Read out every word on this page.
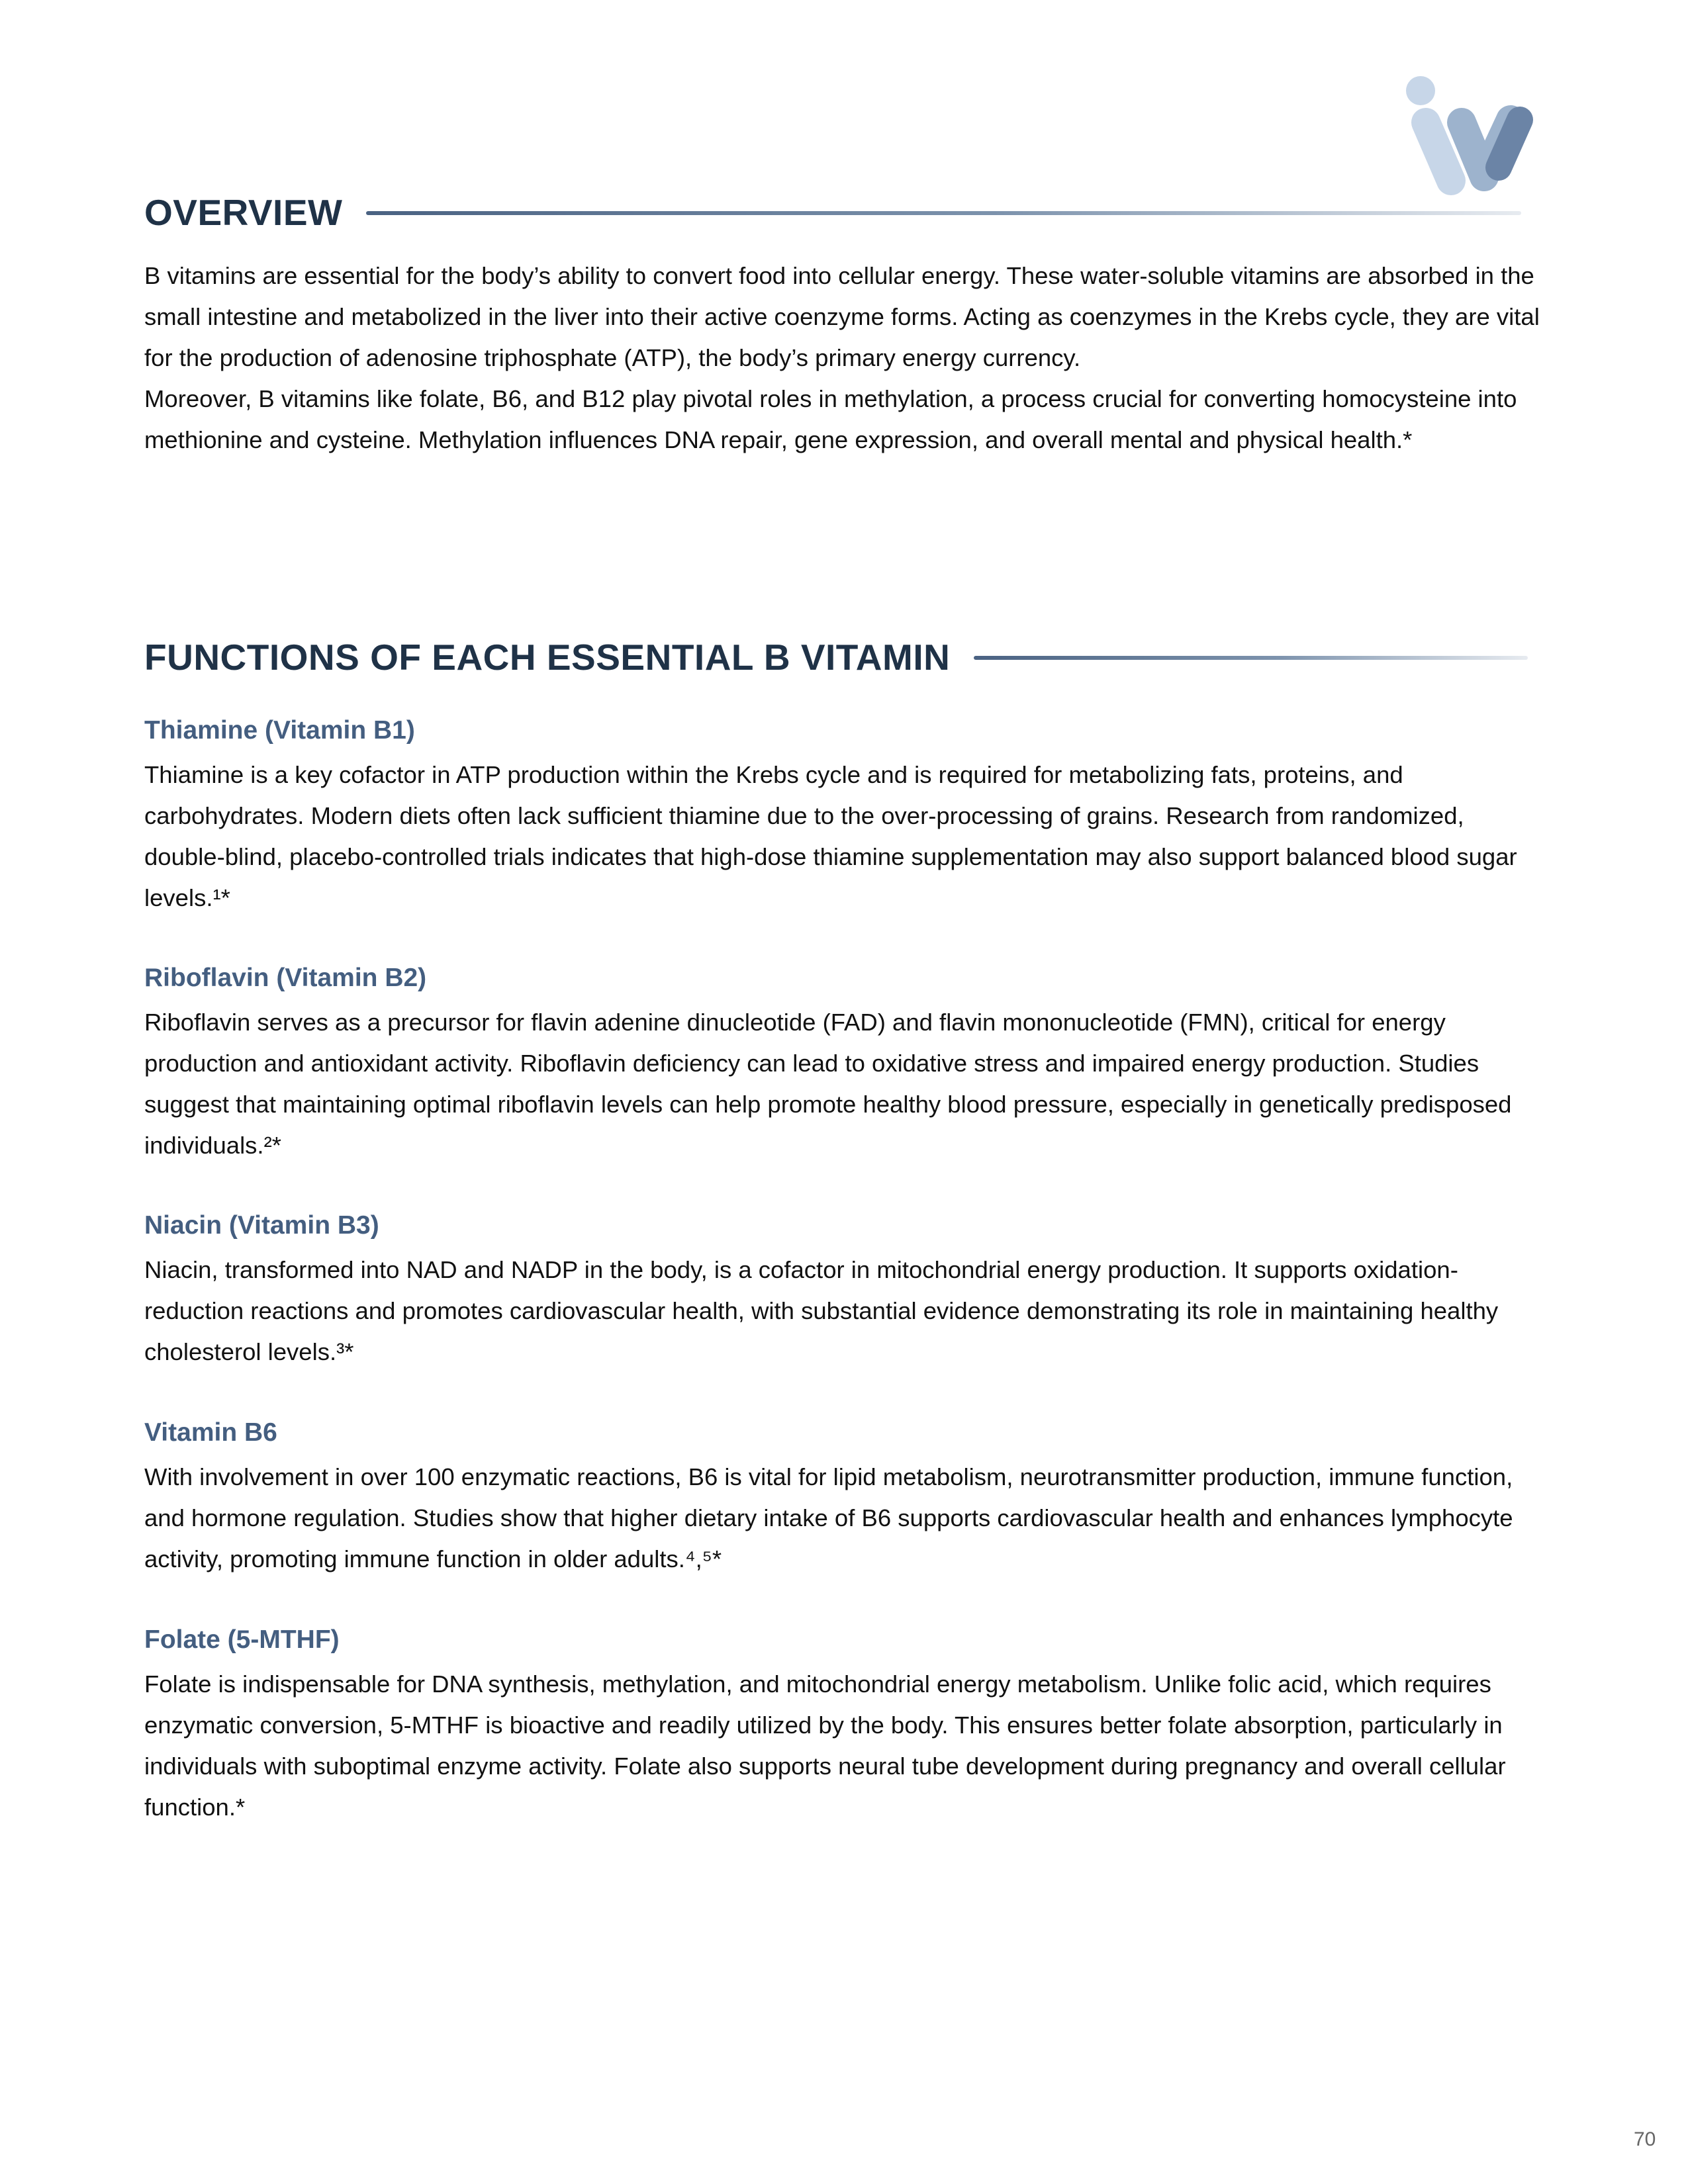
OVERVIEW

B vitamins are essential for the body’s ability to convert food into cellular energy. These water-soluble vitamins are absorbed in the small intestine and metabolized in the liver into their active coenzyme forms. Acting as coenzymes in the Krebs cycle, they are vital for the production of adenosine triphosphate (ATP), the body’s primary energy currency.

Moreover, B vitamins like folate, B6, and B12 play pivotal roles in methylation, a process crucial for converting homocysteine into methionine and cysteine. Methylation influences DNA repair, gene expression, and overall mental and physical health.*

FUNCTIONS OF EACH ESSENTIAL B VITAMIN
Thiamine (Vitamin B1)

Thiamine is a key cofactor in ATP production within the Krebs cycle and is required for metabolizing fats, proteins, and carbohydrates. Modern diets often lack sufficient thiamine due to the over-processing of grains. Research from randomized, double-blind, placebo-controlled trials indicates that high-dose thiamine supplementation may also support balanced blood sugar levels.¹*

Riboflavin (Vitamin B2)

Riboflavin serves as a precursor for flavin adenine dinucleotide (FAD) and flavin mononucleotide (FMN), critical for energy production and antioxidant activity. Riboflavin deficiency can lead to oxidative stress and impaired energy production. Studies suggest that maintaining optimal riboflavin levels can help promote healthy blood pressure, especially in genetically predisposed individuals.²*

Niacin (Vitamin B3)

Niacin, transformed into NAD and NADP in the body, is a cofactor in mitochondrial energy production. It supports oxidation-reduction reactions and promotes cardiovascular health, with substantial evidence demonstrating its role in maintaining healthy cholesterol levels.³*

Vitamin B6

With involvement in over 100 enzymatic reactions, B6 is vital for lipid metabolism, neurotransmitter production, immune function, and hormone regulation. Studies show that higher dietary intake of B6 supports cardiovascular health and enhances lymphocyte activity, promoting immune function in older adults.⁴,⁵*

Folate (5-MTHF)

Folate is indispensable for DNA synthesis, methylation, and mitochondrial energy metabolism. Unlike folic acid, which requires enzymatic conversion, 5-MTHF is bioactive and readily utilized by the body. This ensures better folate absorption, particularly in individuals with suboptimal enzyme activity. Folate also supports neural tube development during pregnancy and overall cellular function.*

70
